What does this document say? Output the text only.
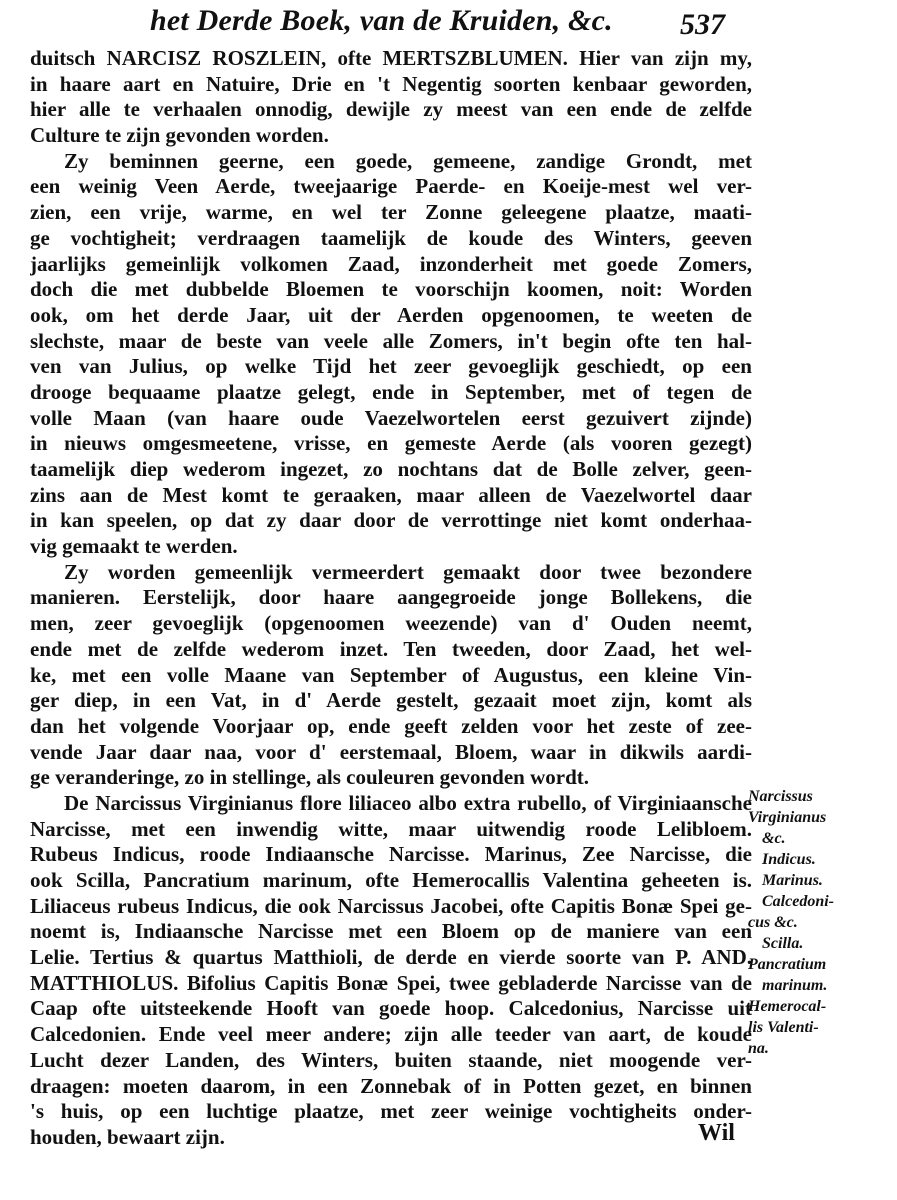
het Derde Boek, van de Kruiden, &c. 537
duitsch NARCISZ ROSZLEIN, ofte MERTSZBLUMEN. Hier van zijn my,
in haare aart en Natuire, Drie en 't Negentig soorten kenbaar geworden,
hier alle te verhaalen onnodig, dewijle zy meest van een ende de zelfde
Culture te zijn gevonden worden.
Zy beminnen geerne, een goede, gemeene, zandige Grondt, met
een weinig Veen Aerde, tweejaarige Paerde- en Koeije-mest wel ver-
zien, een vrije, warme, en wel ter Zonne geleegene plaatze, maati-
ge vochtigheit; verdraagen taamelijk de koude des Winters, geeven
jaarlijks gemeinlijk volkomen Zaad, inzonderheit met goede Zomers,
doch die met dubbelde Bloemen te voorschijn koomen, noit: Worden
ook, om het derde Jaar, uit der Aerden opgenoomen, te weeten de
slechste, maar de beste van veele alle Zomers, in't begin ofte ten hal-
ven van Julius, op welke Tijd het zeer gevoeglijk geschiedt, op een
drooge bequaame plaatze gelegt, ende in September, met of tegen de
volle Maan (van haare oude Vaezelwortelen eerst gezuivert zijnde)
in nieuws omgesmeetene, vrisse, en gemeste Aerde (als vooren gezegt)
taamelijk diep wederom ingezet, zo nochtans dat de Bolle zelver, geen-
zins aan de Mest komt te geraaken, maar alleen de Vaezelwortel daar
in kan speelen, op dat zy daar door de verrottinge niet komt onderhaa-
vig gemaakt te werden.
Zy worden gemeenlijk vermeerdert gemaakt door twee bezondere
manieren. Eerstelijk, door haare aangegroeide jonge Bollekens, die
men, zeer gevoeglijk (opgenoomen weezende) van d' Ouden neemt,
ende met de zelfde wederom inzet. Ten tweeden, door Zaad, het wel-
ke, met een volle Maane van September of Augustus, een kleine Vin-
ger diep, in een Vat, in d' Aerde gestelt, gezaait moet zijn, komt als
dan het volgende Voorjaar op, ende geeft zelden voor het zeste of zee-
vende Jaar daar naa, voor d' eerstemaal, Bloem, waar in dikwils aardi-
ge veranderinge, zo in stellinge, als couleuren gevonden wordt.
De Narcissus Virginianus flore liliaceo albo extra rubello, of Virginiaansche
Narcisse, met een inwendig witte, maar uitwendig roode Lelibloem.
Rubeus Indicus, roode Indiaansche Narcisse. Marinus, Zee Narcisse, die
ook Scilla, Pancratium marinum, ofte Hemerocallis Valentina geheeten is.
Liliaceus rubeus Indicus, die ook Narcissus Jacobei, ofte Capitis Bonæ Spei ge-
noemt is, Indiaansche Narcisse met een Bloem op de maniere van een
Lelie. Tertius & quartus Matthioli, de derde en vierde soorte van P. AND.
MATTHIOLUS. Bifolius Capitis Bonæ Spei, twee gebladerde Narcisse van de
Caap ofte uitsteekende Hooft van goede hoop. Calcedonius, Narcisse uit
Calcedonien. Ende veel meer andere; zijn alle teeder van aart, de koude
Lucht dezer Landen, des Winters, buiten staande, niet moogende ver-
draagen: moeten daarom, in een Zonnebak of in Potten gezet, en binnen
's huis, op een luchtige plaatze, met zeer weinige vochtigheits onder-
houden, bewaart zijn.
Narcissus
Virginianus
&c.
Indicus.
Marinus.
Calcedoni-
cus &c.
Scilla.
Pancratium
marinum.
Hemerocal-
lis Valenti-
na.
Wil
